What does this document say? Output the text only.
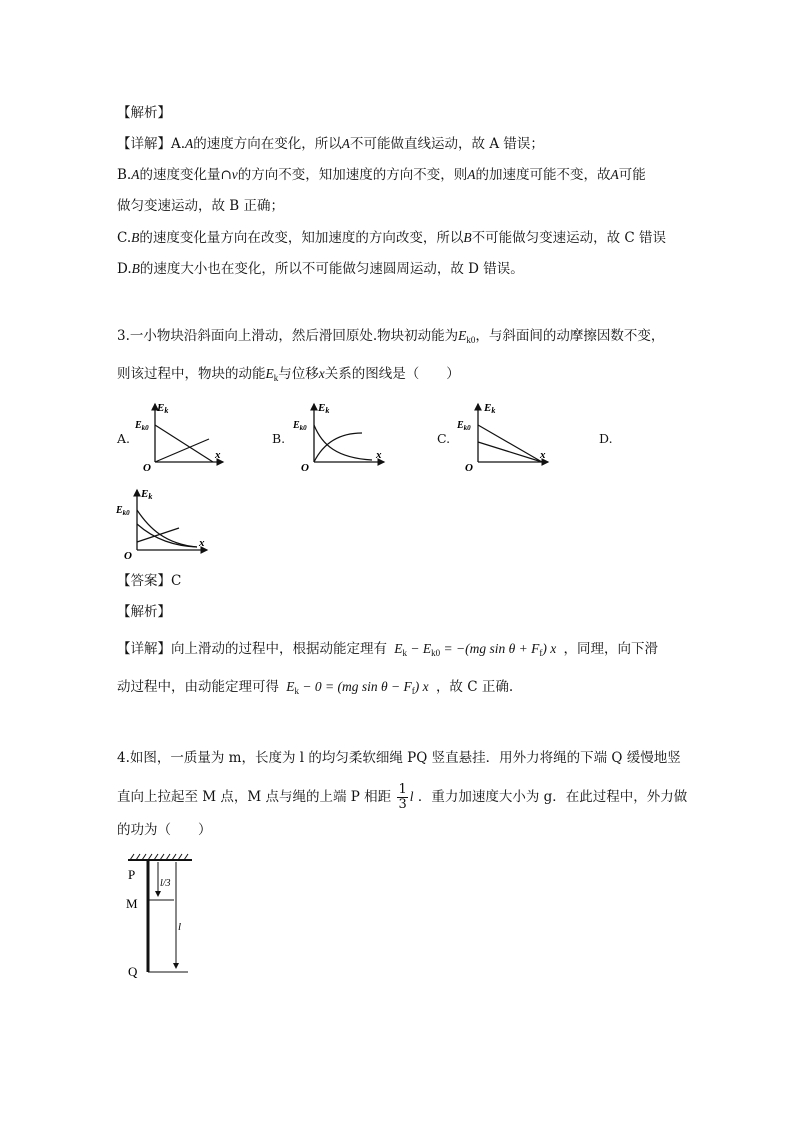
【解析】
【详解】A.A的速度方向在变化，所以A不可能做直线运动，故 A 错误；
B.A的速度变化量∩v的方向不变，知加速度的方向不变，则A的加速度可能不变，故A可能
做匀变速运动，故 B 正确；
C.B的速度变化量方向在改变，知加速度的方向改变，所以B不可能做匀变速运动，故 C 错误
D.B的速度大小也在变化，所以不可能做匀速圆周运动，故 D 错误。
3.一小物块沿斜面向上滑动，然后滑回原处.物块初动能为$E_{k0}$，与斜面间的动摩擦因数不变，
则该过程中，物块的动能$E_k$与位移x关系的图线是（　　）
A.	B.	C.	D.
Ek
$E_{k0}$
O
x
Ek
$E_{k0}$
O
x
Ek
$E_{k0}$
O
x
Ek
$E_{k0}$
O
x
【答案】C
【解析】
【详解】向上滑动的过程中，根据动能定理有 $E_k - E_{k0} = -(mg$ $\sin \theta + F_f$) x ，同理，向下滑
动过程中，由动能定理可得 $E_k - 0 = (mg$ $\sin \theta - F_f$) x ，故 C 正确.
4.如图，一质量为 m，长度为 l 的均匀柔软细绳 PQ 竖直悬挂．用外力将绳的下端 Q 缓慢地竖
直向上拉起至 M 点，M 点与绳的上端 P 相距 $\frac{1}{3}$ l ．重力加速度大小为 g．在此过程中，外力做
的功为（　　）
P
M
Q
l/3
l
